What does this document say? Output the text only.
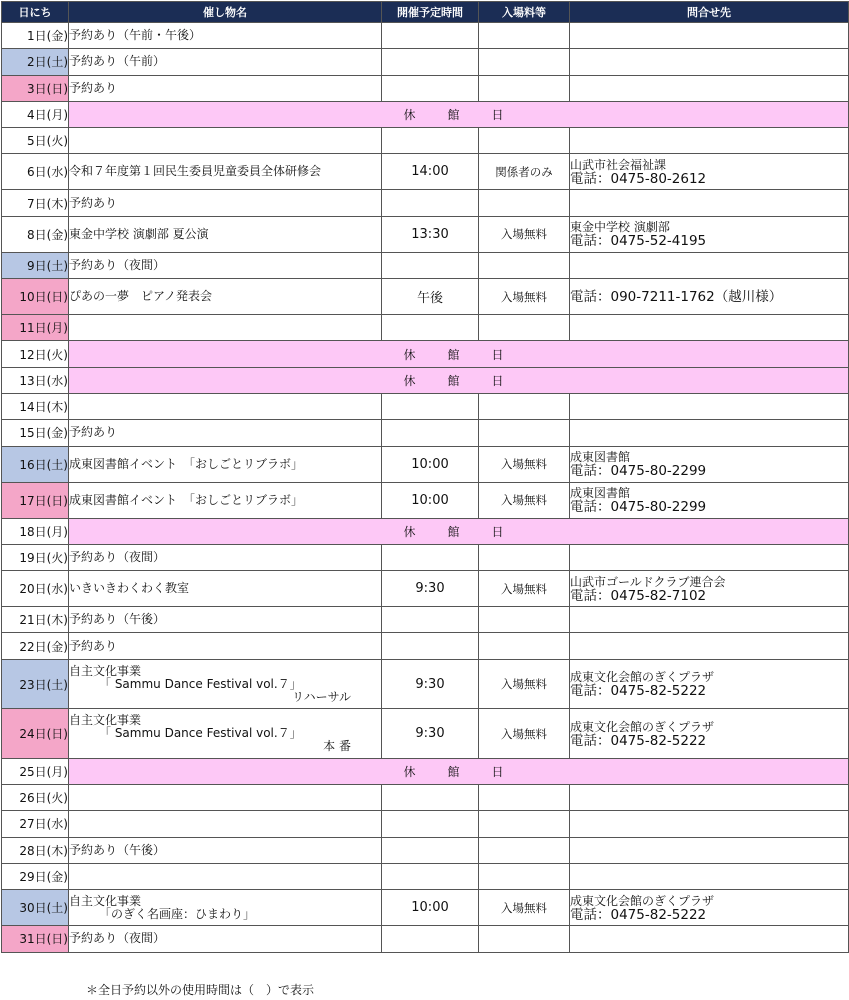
日にち	催し物名	開催予定時間	入場料等	問合せ先
1日(金)	予約あり（午前・午後）			
2日(土)	予約あり（午前）			
3日(日)	予約あり			
4日(月)	休　館　日			
5日(火)				
6日(水)	令和７年度第１回民生委員児童委員全体研修会	14:00	関係者のみ	山武市社会福祉課
電話：0475-80-2612

7日(木)	予約あり			
8日(金)	東金中学校 演劇部 夏公演	13:30	入場無料	東金中学校 演劇部
電話：0475-52-4195

9日(土)	予約あり（夜間）			
10日(日)	ぴあの一夢　ピアノ発表会	午後	入場無料	電話：090-7211-1762（越川様）

11日(月)				
12日(火)	休　館　日			
13日(水)	休　館　日			
14日(木)				
15日(金)	予約あり			
16日(土)	成東図書館イベント　「おしごとリブラボ」	10:00	入場無料	成東図書館
電話：0475-80-2299

17日(日)	成東図書館イベント　「おしごとリブラボ」	10:00	入場無料	成東図書館
電話：0475-80-2299

18日(月)	休　館　日			
19日(火)	予約あり（夜間）			
20日(水)	いきいきわくわく教室	9:30	入場無料	山武市ゴールドクラブ連合会
電話：0475-82-7102

21日(木)	予約あり（午後）			
22日(金)	予約あり			
23日(土)	自主文化事業
「 Sammu Dance Festival vol.７」
リハーサル	9:30	入場無料	成東文化会館のぎくプラザ
電話：0475-82-5222

24日(日)	自主文化事業
「 Sammu Dance Festival vol.７」
本 番	9:30	入場無料	成東文化会館のぎくプラザ
電話：0475-82-5222

25日(月)	休　館　日			
26日(火)				
27日(水)				
28日(木)	予約あり（午後）			
29日(金)				
30日(土)	自主文化事業
「のぎく名画座：ひまわり」	10:00	入場無料	成東文化会館のぎくプラザ
電話：0475-82-5222

31日(日)	予約あり（夜間）			
＊全日予約以外の使用時間は（　）で表示
